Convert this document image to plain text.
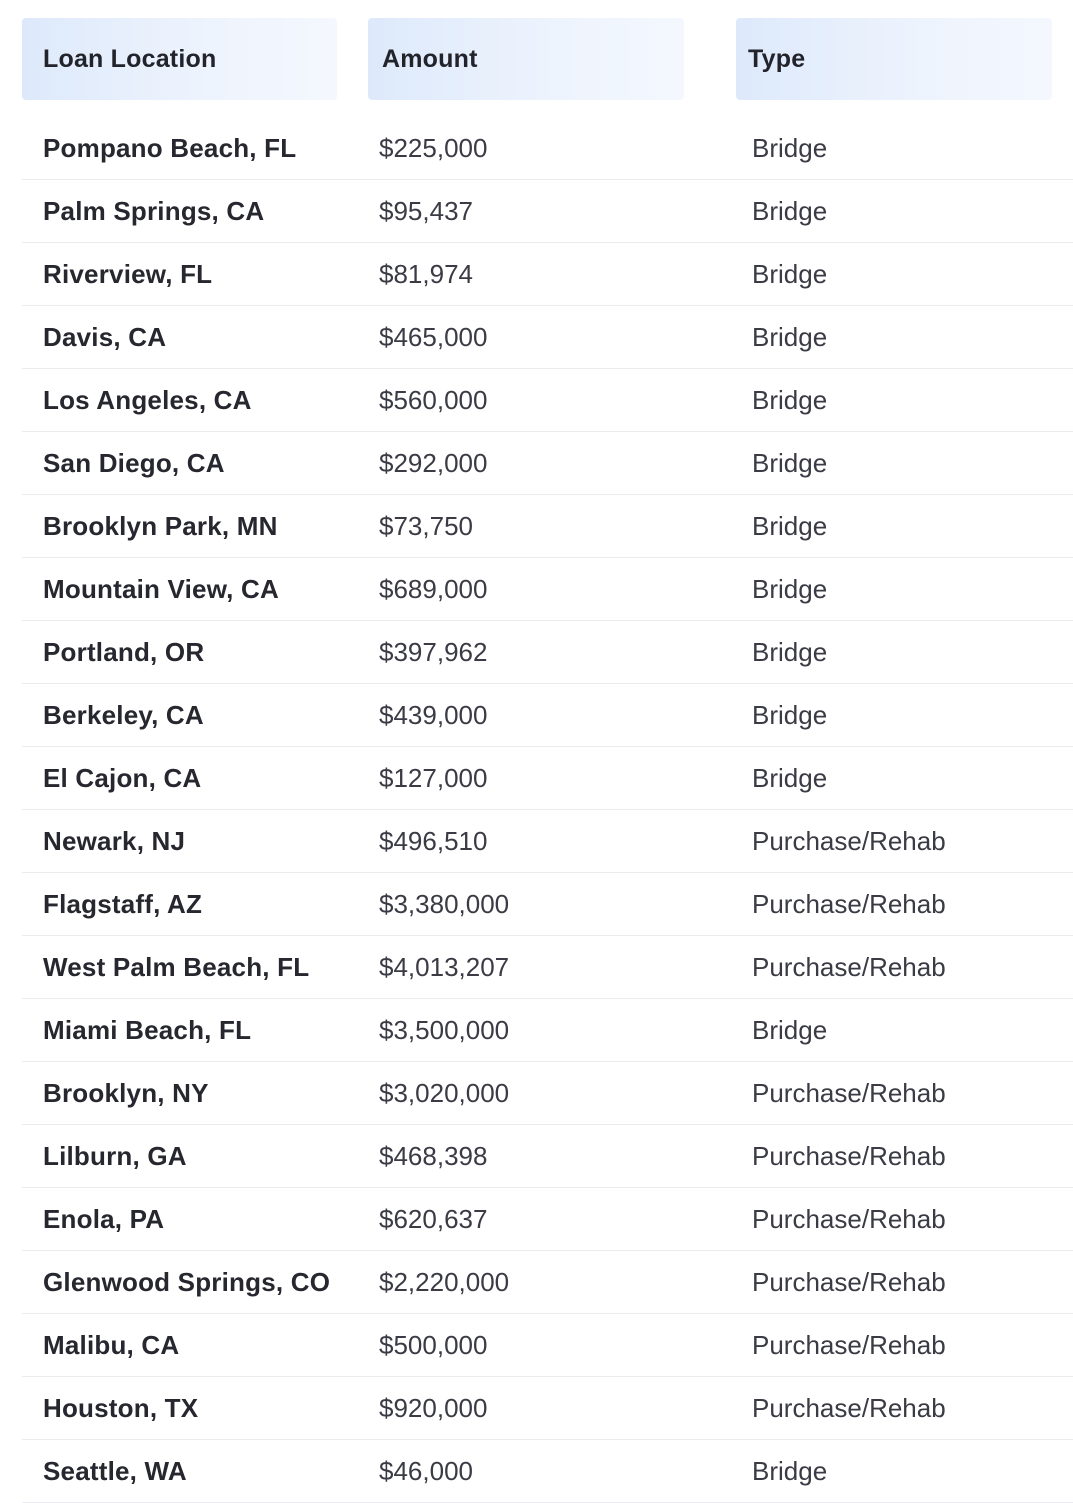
Loan Location	Amount	Type
Pompano Beach, FL	$225,000	Bridge
Palm Springs, CA	$95,437	Bridge
Riverview, FL	$81,974	Bridge
Davis, CA	$465,000	Bridge
Los Angeles, CA	$560,000	Bridge
San Diego, CA	$292,000	Bridge
Brooklyn Park, MN	$73,750	Bridge
Mountain View, CA	$689,000	Bridge
Portland, OR	$397,962	Bridge
Berkeley, CA	$439,000	Bridge
El Cajon, CA	$127,000	Bridge
Newark, NJ	$496,510	Purchase/Rehab
Flagstaff, AZ	$3,380,000	Purchase/Rehab
West Palm Beach, FL	$4,013,207	Purchase/Rehab
Miami Beach, FL	$3,500,000	Bridge
Brooklyn, NY	$3,020,000	Purchase/Rehab
Lilburn, GA	$468,398	Purchase/Rehab
Enola, PA	$620,637	Purchase/Rehab
Glenwood Springs, CO $2,220,000	Purchase/Rehab
Malibu, CA	$500,000	Purchase/Rehab
Houston, TX	$920,000	Purchase/Rehab
Seattle, WA	$46,000	Bridge
